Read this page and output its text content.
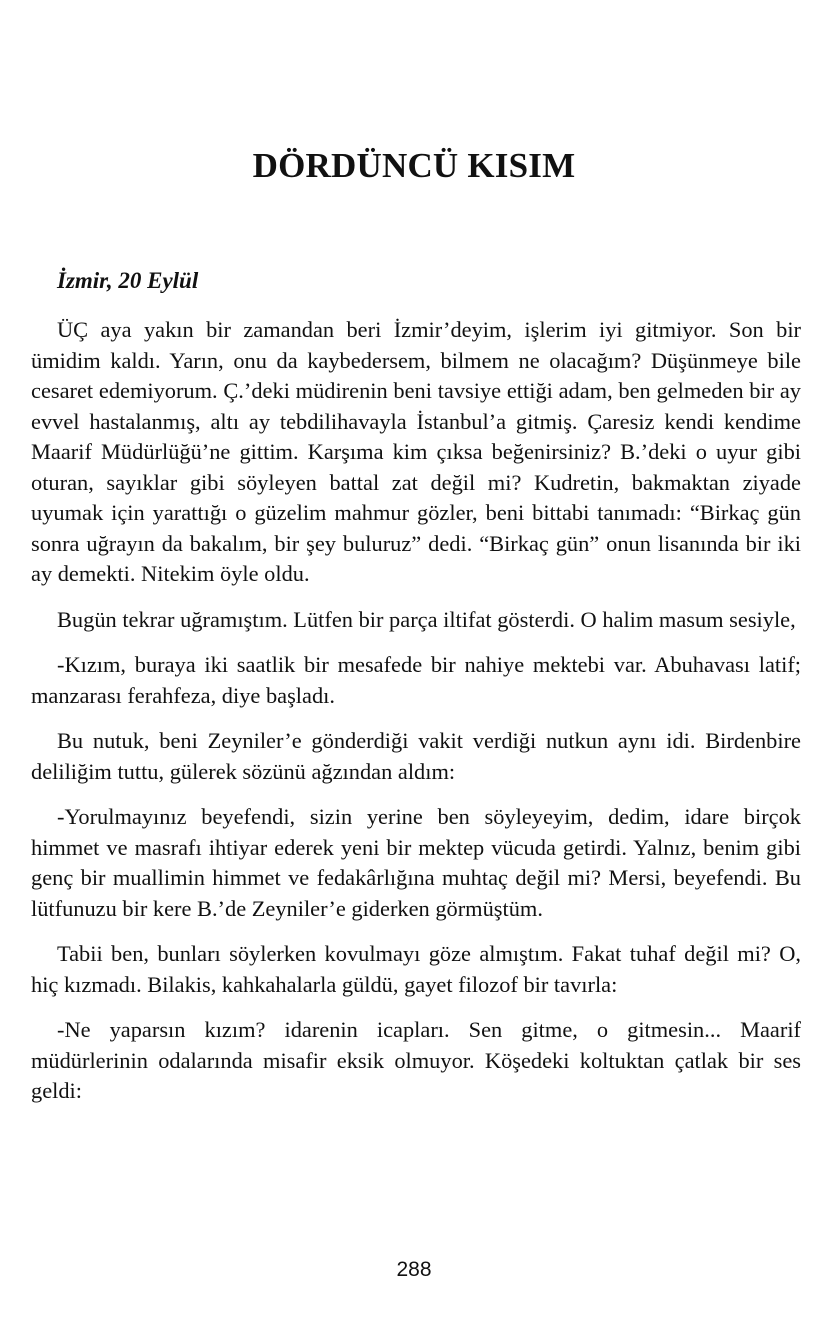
DÖRDÜNCÜ KISIM
İzmir, 20 Eylül

ÜÇ aya yakın bir zamandan beri İzmir’deyim, işlerim iyi gitmiyor. Son bir ümidim kaldı. Yarın, onu da kaybedersem, bilmem ne olacağım? Düşünmeye bile cesaret edemiyorum. Ç.’deki müdirenin beni tavsiye ettiği adam, ben gelmeden bir ay evvel hastalanmış, altı ay tebdilihavayla İstanbul’a gitmiş. Çaresiz kendi kendime Maarif Müdürlüğü’ne gittim. Karşıma kim çıksa beğenirsiniz? B.’deki o uyur gibi oturan, sayıklar gibi söyleyen battal zat değil mi? Kudretin, bakmaktan ziyade uyumak için yarattığı o güzelim mahmur gözler, beni bittabi tanımadı: “Birkaç gün sonra uğrayın da bakalım, bir şey buluruz” dedi. “Birkaç gün” onun lisanında bir iki ay demekti. Nitekim öyle oldu.

Bugün tekrar uğramıştım. Lütfen bir parça iltifat gösterdi. O halim masum sesiyle,

-Kızım, buraya iki saatlik bir mesafede bir nahiye mektebi var. Abuhavası latif; manzarası ferahfeza, diye başladı.

Bu nutuk, beni Zeyniler’e gönderdiği vakit verdiği nutkun aynı idi. Birdenbire deliliğim tuttu, gülerek sözünü ağzından aldım:

-Yorulmayınız beyefendi, sizin yerine ben söyleyeyim, dedim, idare birçok himmet ve masrafı ihtiyar ederek yeni bir mektep vücuda getirdi. Yalnız, benim gibi genç bir muallimin himmet ve fedakârlığına muhtaç değil mi? Mersi, beyefendi. Bu lütfunuzu bir kere B.’de Zeyniler’e giderken görmüştüm.

Tabii ben, bunları söylerken kovulmayı göze almıştım. Fakat tuhaf değil mi? O, hiç kızmadı. Bilakis, kahkahalarla güldü, gayet filozof bir tavırla:

-Ne yaparsın kızım? idarenin icapları. Sen gitme, o gitmesin... Maarif müdürlerinin odalarında misafir eksik olmuyor. Köşedeki koltuktan çatlak bir ses geldi:

288
